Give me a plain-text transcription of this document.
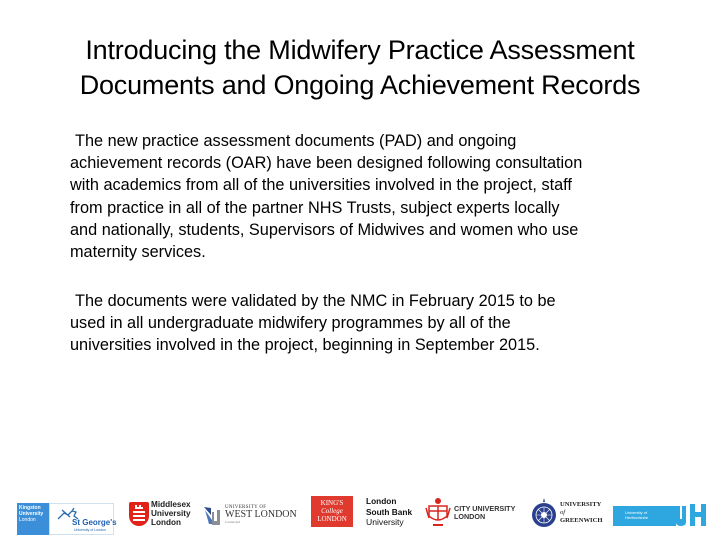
Introducing the Midwifery Practice Assessment
Documents and Ongoing Achievement Records
The new practice assessment documents (PAD) and ongoing
achievement records (OAR) have been designed following consultation
with academics from all of the universities involved in the project, staff
from practice in all of the partner NHS Trusts, subject experts locally
and nationally, students, Supervisors of Midwives and women who use
maternity services.
The documents were validated by the NMC in February 2015 to be
used in all undergraduate midwifery programmes by all of the
universities involved in the project, beginning in September 2015.
Kingston
University
London	St George's
University of London
Middlesex
University
London
UNIVERSITY OF
WEST LONDON
Connected
KING'S
College
LONDON
London
South Bank
University
CITY UNIVERSITY
LONDON
UNIVERSITY
of
GREENWICH
University of
Hertfordshire
